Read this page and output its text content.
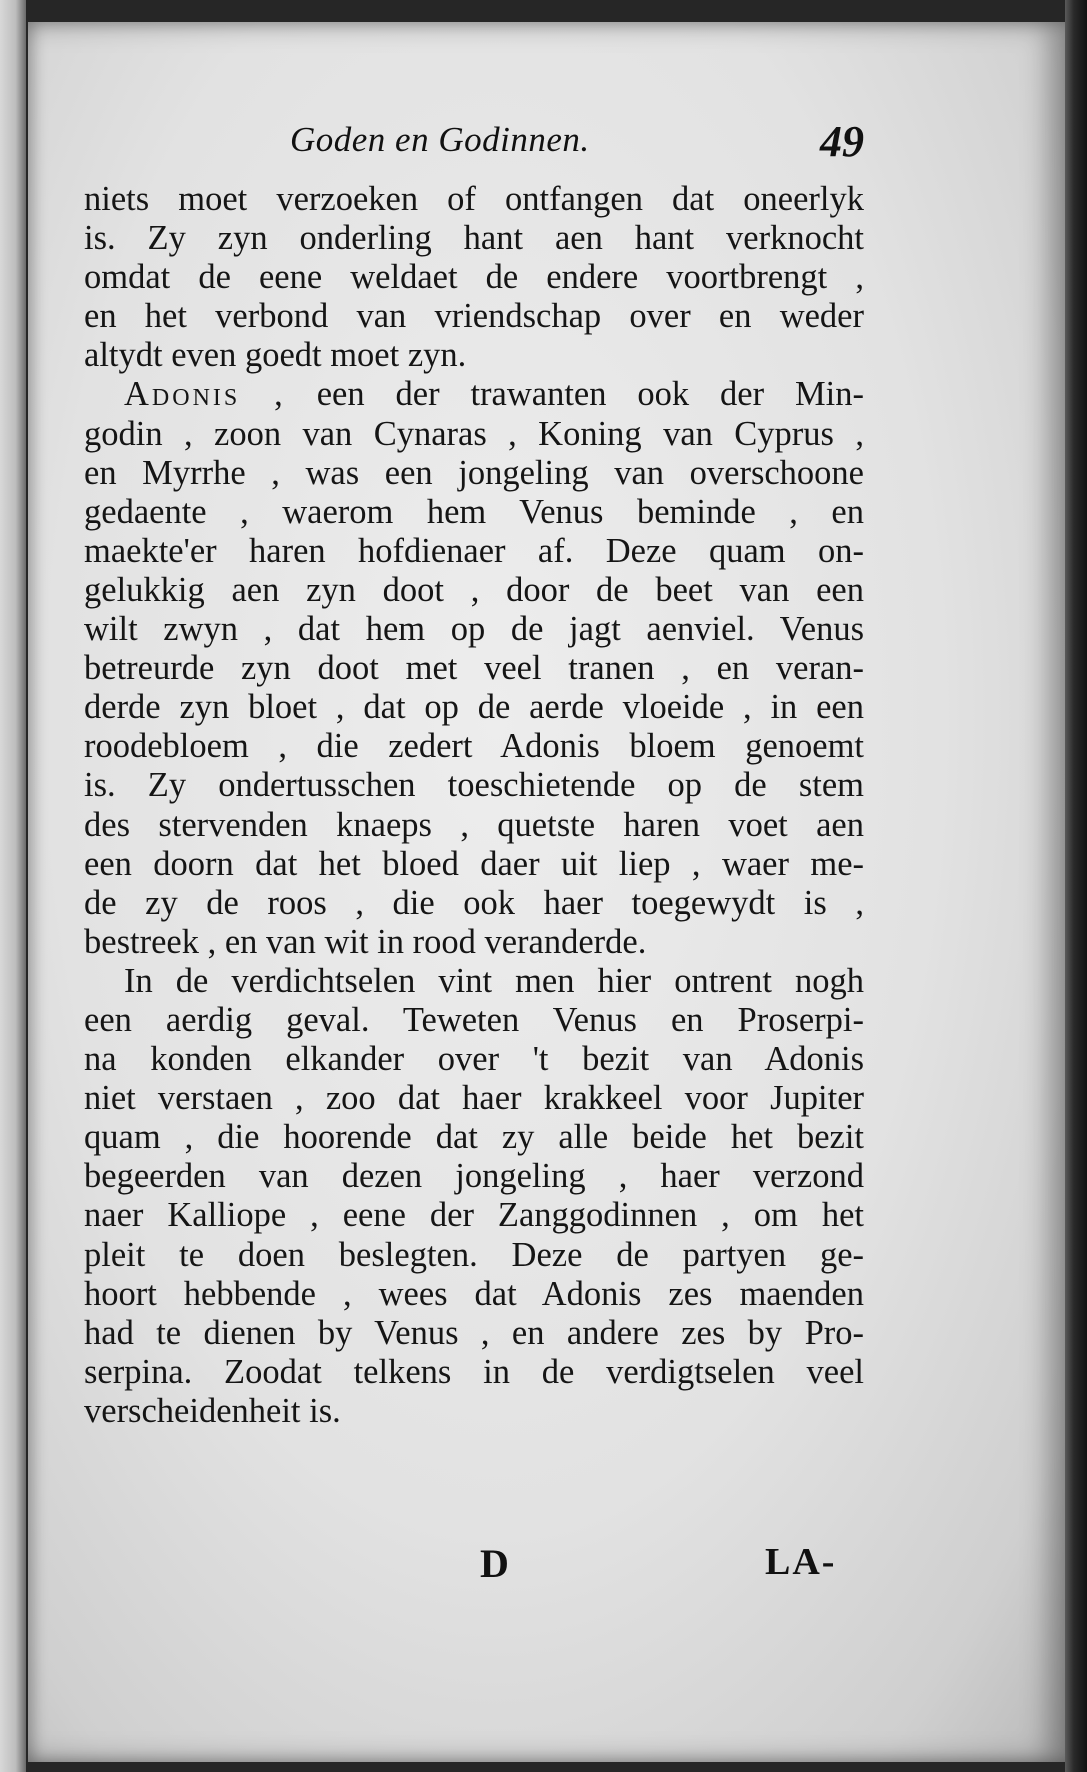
Goden en Godinnen.	49
niets moet verzoeken of ontfangen dat oneerlyk
is. Zy zyn onderling hant aen hant verknocht
omdat de eene weldaet de endere voortbrengt ,
en het verbond van vriendschap over en weder
altydt even goedt moet zyn.
Adonis , een der trawanten ook der Min-
godin , zoon van Cynaras , Koning van Cyprus ,
en Myrrhe , was een jongeling van overschoone
gedaente , waerom hem Venus beminde , en
maekte'er haren hofdienaer af. Deze quam on-
gelukkig aen zyn doot , door de beet van een
wilt zwyn , dat hem op de jagt aenviel. Venus
betreurde zyn doot met veel tranen , en veran-
derde zyn bloet , dat op de aerde vloeide , in een
roodebloem , die zedert Adonis bloem genoemt
is. Zy ondertusschen toeschietende op de stem
des stervenden knaeps , quetste haren voet aen
een doorn dat het bloed daer uit liep , waer me-
de zy de roos , die ook haer toegewydt is ,
bestreek , en van wit in rood veranderde.
In de verdichtselen vint men hier ontrent nogh
een aerdig geval. Teweten Venus en Proserpi-
na konden elkander over 't bezit van Adonis
niet verstaen , zoo dat haer krakkeel voor Jupiter
quam , die hoorende dat zy alle beide het bezit
begeerden van dezen jongeling , haer verzond
naer Kalliope , eene der Zanggodinnen , om het
pleit te doen beslegten. Deze de partyen ge-
hoort hebbende , wees dat Adonis zes maenden
had te dienen by Venus , en andere zes by Pro-
serpina. Zoodat telkens in de verdigtselen veel
verscheidenheit is.
D	LA-
